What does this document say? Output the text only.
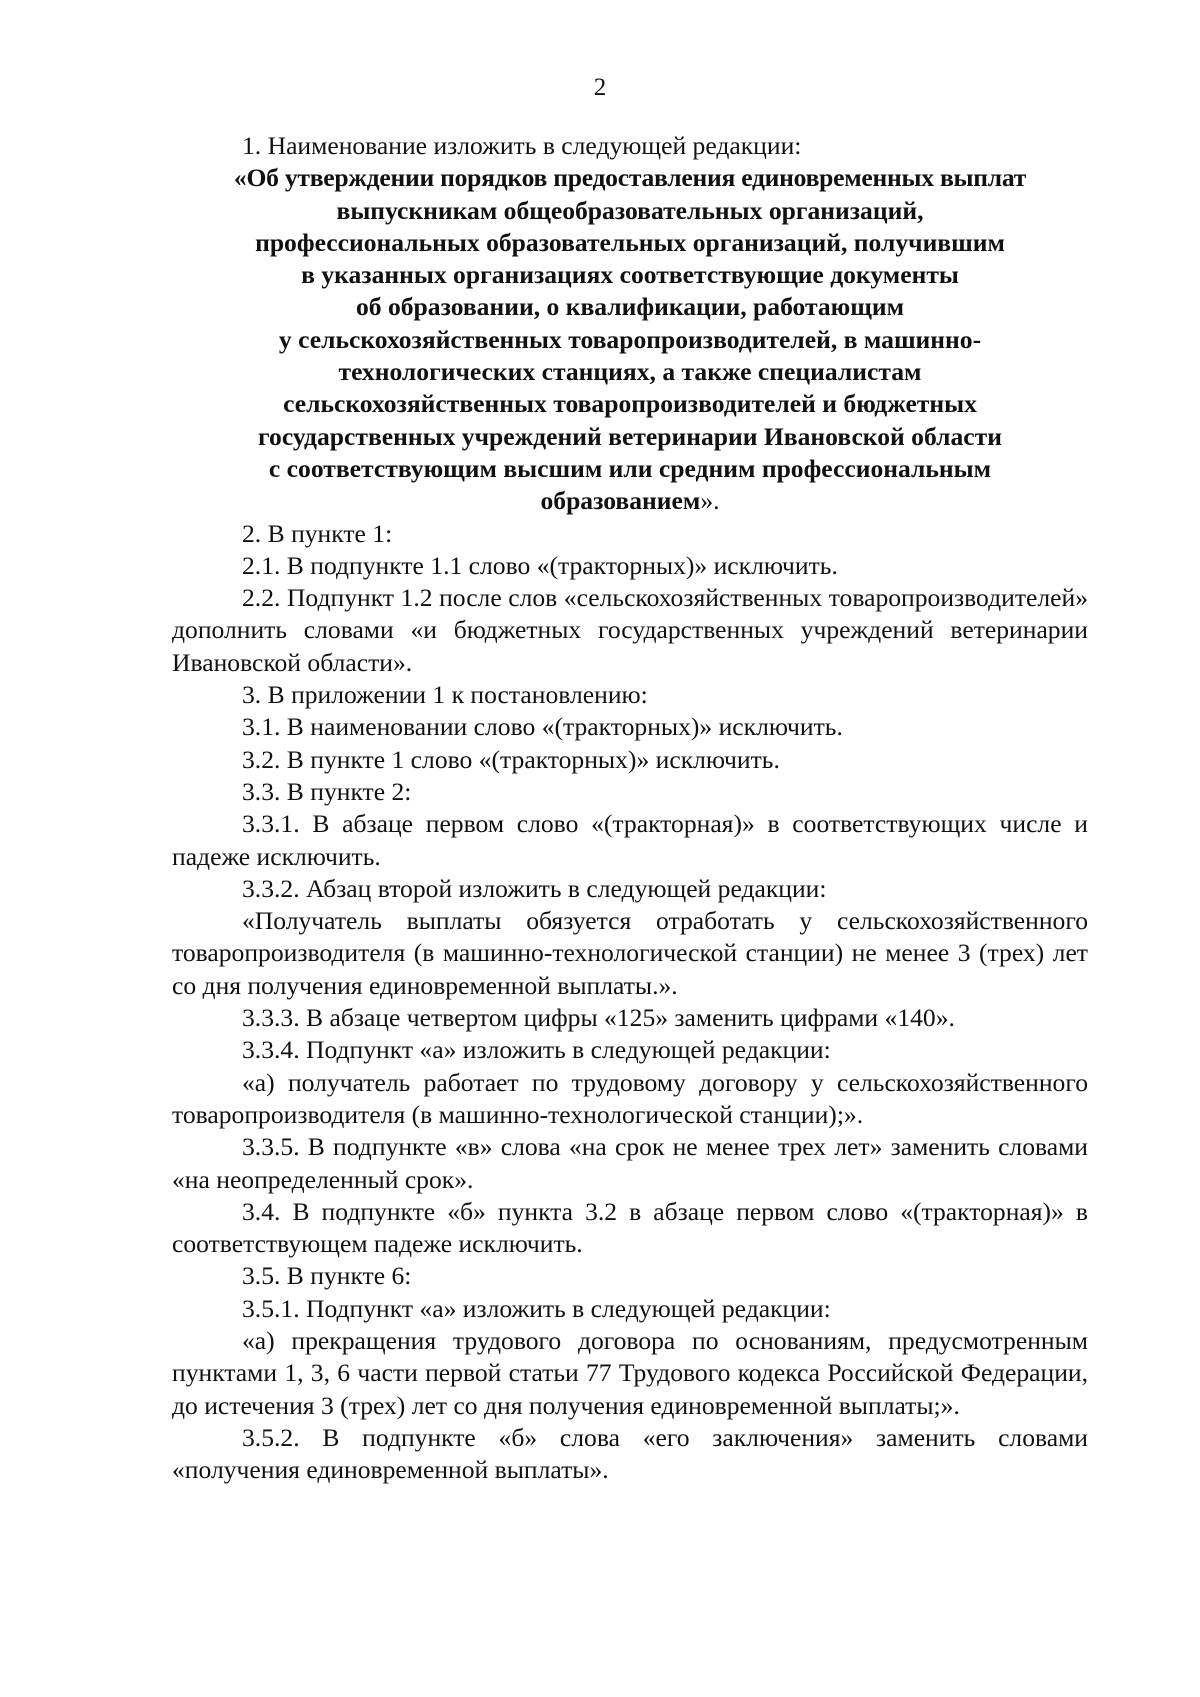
2

1. Наименование изложить в следующей редакции:

«Об утверждении порядков предоставления единовременных выплат
выпускникам общеобразовательных организаций,
профессиональных образовательных организаций, получившим
в указанных организациях соответствующие документы
об образовании, о квалификации, работающим
у сельскохозяйственных товаропроизводителей, в машинно-
технологических станциях, а также специалистам
сельскохозяйственных товаропроизводителей и бюджетных
государственных учреждений ветеринарии Ивановской области
с соответствующим высшим или средним профессиональным
образованием».

2. В пункте 1:

2.1. В подпункте 1.1 слово «(тракторных)» исключить.

2.2. Подпункт 1.2 после слов «сельскохозяйственных товаропроизводителей» дополнить словами «и бюджетных государственных учреждений ветеринарии Ивановской области».

3. В приложении 1 к постановлению:

3.1. В наименовании слово «(тракторных)» исключить.

3.2. В пункте 1 слово «(тракторных)» исключить.

3.3. В пункте 2:

3.3.1. В абзаце первом слово «(тракторная)» в соответствующих числе и падеже исключить.

3.3.2. Абзац второй изложить в следующей редакции:

«Получатель выплаты обязуется отработать у сельскохозяйственного товаропроизводителя (в машинно-технологической станции) не менее 3 (трех) лет со дня получения единовременной выплаты.».

3.3.3. В абзаце четвертом цифры «125» заменить цифрами «140».

3.3.4. Подпункт «а» изложить в следующей редакции:

«а) получатель работает по трудовому договору у сельскохозяйственного товаропроизводителя (в машинно-технологической станции);».

3.3.5. В подпункте «в» слова «на срок не менее трех лет» заменить словами «на неопределенный срок».

3.4. В подпункте «б» пункта 3.2 в абзаце первом слово «(тракторная)» в соответствующем падеже исключить.

3.5. В пункте 6:

3.5.1. Подпункт «а» изложить в следующей редакции:

«а) прекращения трудового договора по основаниям, предусмотренным пунктами 1, 3, 6 части первой статьи 77 Трудового кодекса Российской Федерации, до истечения 3 (трех) лет со дня получения единовременной выплаты;».

3.5.2. В подпункте «б» слова «его заключения» заменить словами «получения единовременной выплаты».
